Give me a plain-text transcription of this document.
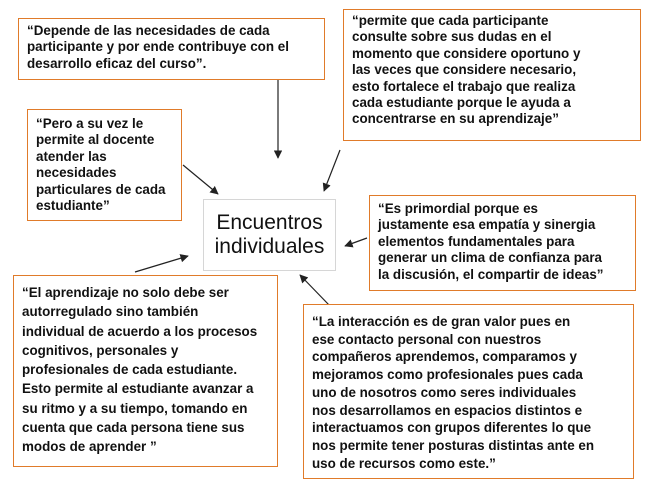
“Depende de las necesidades de cada
participante y por ende contribuye con el
desarrollo eficaz del curso”.
“Pero a su vez le
permite al docente
atender las
necesidades
particulares de cada
estudiante”
“permite que cada participante
consulte sobre sus dudas en el
momento que considere oportuno y
las veces que considere necesario,
esto fortalece el trabajo que realiza
cada estudiante porque le ayuda a
concentrarse en su aprendizaje”
“Es primordial porque es
justamente esa empatía y sinergia
elementos fundamentales para
generar un clima de confianza para
la discusión, el compartir de ideas”
“El aprendizaje no solo debe ser
autorregulado sino también
individual de acuerdo a los procesos
cognitivos, personales y
profesionales de cada estudiante.
Esto permite al estudiante avanzar a
su ritmo y a su tiempo, tomando en
cuenta que cada persona tiene sus
modos de aprender ”
“La interacción es de gran valor pues en
ese contacto personal con nuestros
compañeros aprendemos, comparamos y
mejoramos como profesionales pues cada
uno de nosotros como seres individuales
nos desarrollamos en espacios distintos e
interactuamos con grupos diferentes lo que
nos permite tener posturas distintas ante en
uso de recursos como este.”
Encuentros
individuales
